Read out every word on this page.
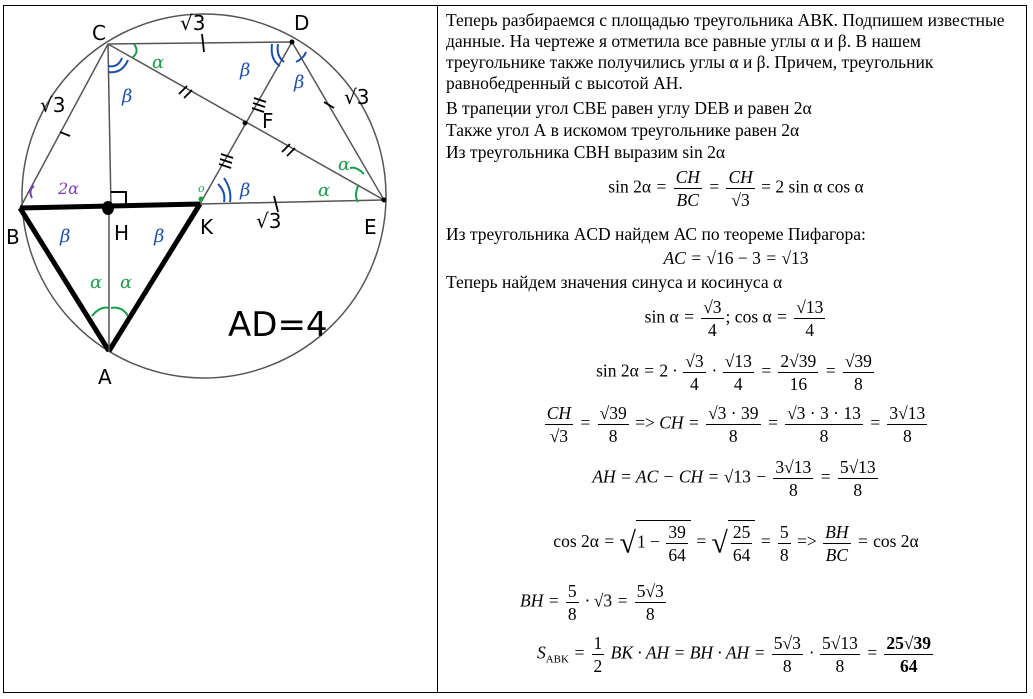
C	D
B	H	K	E
A
F
√3
√3	√3
√3
AD=4
α
β
β
β
α
α
β
β	β
α α
2α	o

Теперь разбираемся с площадью треугольника АВК. Подпишем известные данные. На чертеже я отметила все равные углы α и β. В нашем треугольнике также получились углы α и β. Причем, треугольник равнобедренный с высотой АН.

В трапеции угол СВЕ равен углу DEB и равен 2α

Также угол А в искомом треугольнике равен 2α

Из треугольника СВН выразим sin 2α

$\sin 2\alpha = \frac{CH}{BC} = \frac{CH}{√3} = 2$ sin α cos α

Из треугольника АCD найдем АС по теореме Пифагора:

AC = √16 − 3 = √13

Теперь найдем значения синуса и косинуса α

$\sin \alpha = \frac{√3}{4}$ ; $\cos \alpha = \frac{√13}{4}$
$\sin 2\alpha = 2 \cdot \frac{√3}{4} \cdot \frac{√13}{4} = \frac{2√39}{16} = \frac{√39}{8}$
$\frac{CH}{√3} = \frac{√39}{8}$ => CH = $\frac{√3 \cdot 39}{8} = \frac{√3 \cdot 3 \cdot 13}{8} = \frac{3√13}{8}$
AH = AC − CH = $√13 - \frac{3√13}{8} = \frac{5√13}{8}$
$\cos 2\alpha = √1 - \frac{39}{64}$ = √ $\frac{25}{64} = \frac{5}{8} => \frac{BH}{BC} = \cos 2\alpha$
BH = $\frac{5}{8} \cdot √3 = \frac{5√3}{8}$
$S_{ABK} = \frac{1}{2}$ BK · AH = BH · AH = $\frac{5√3}{8} \cdot \frac{5√13}{8} = \frac{25√39}{64}$
